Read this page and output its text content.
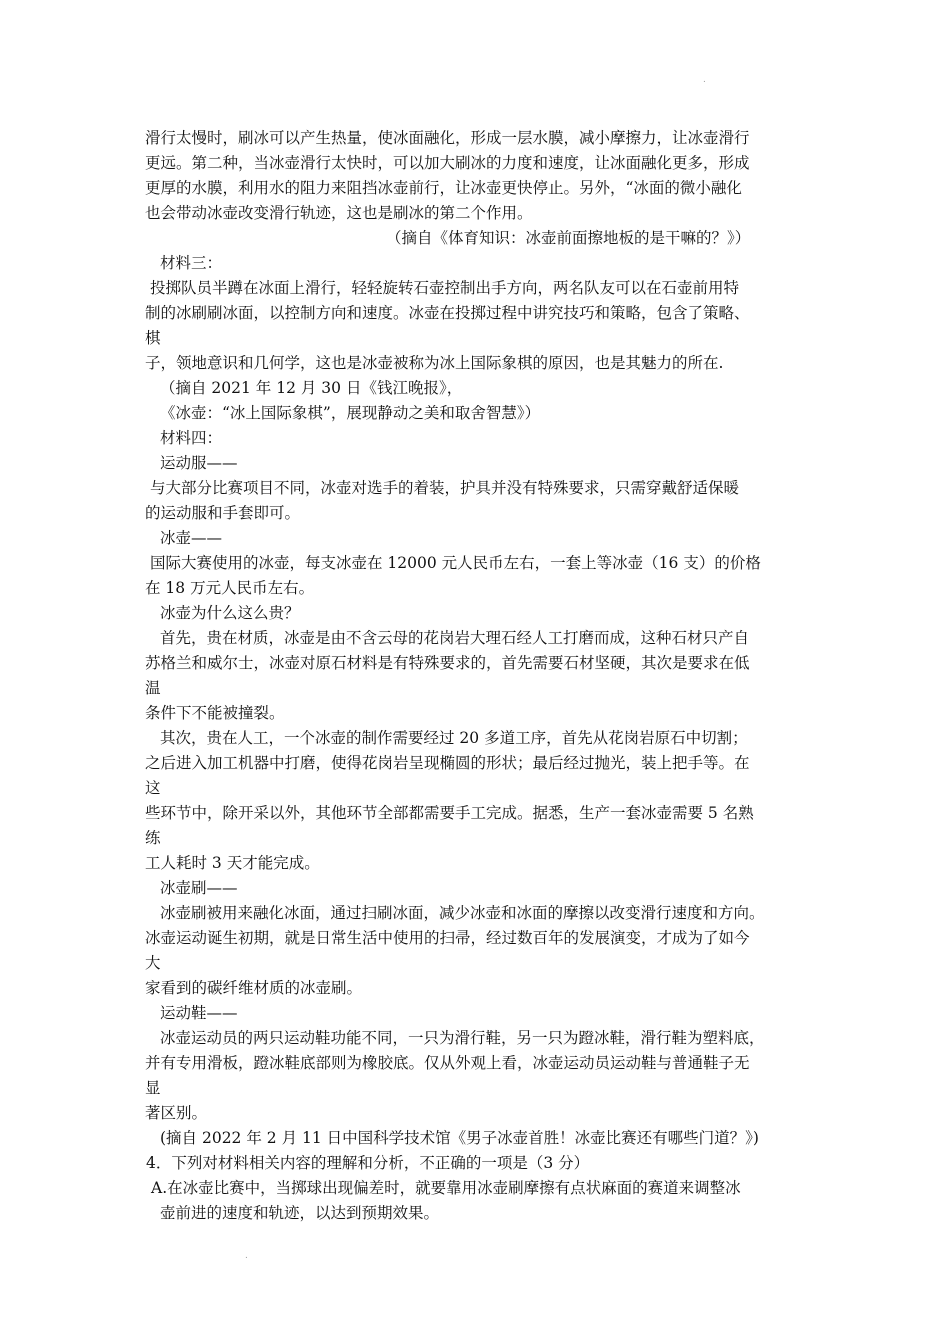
.
滑行太慢时，刷冰可以产生热量，使冰面融化，形成一层水膜，减小摩擦力，让冰壶滑行
更远。第二种，当冰壶滑行太快时，可以加大刷冰的力度和速度，让冰面融化更多，形成
更厚的水膜，利用水的阻力来阻挡冰壶前行，让冰壶更快停止。另外，“冰面的微小融化
也会带动冰壶改变滑行轨迹，这也是刷冰的第二个作用。
（摘自《体育知识：冰壶前面擦地板的是干嘛的？》）
材料三：
投掷队员半蹲在冰面上滑行，轻轻旋转石壶控制出手方向，两名队友可以在石壶前用特
制的冰刷刷冰面，以控制方向和速度。冰壶在投掷过程中讲究技巧和策略，包含了策略、
棋
子，领地意识和几何学，这也是冰壶被称为冰上国际象棋的原因，也是其魅力的所在.
（摘自 2021 年 12 月 30 日《钱江晚报》，
《冰壶：“冰上国际象棋”，展现静动之美和取舍智慧》）
材料四：
运动服——
与大部分比赛项目不同，冰壶对选手的着装，护具并没有特殊要求，只需穿戴舒适保暖
的运动服和手套即可。
冰壶——
国际大赛使用的冰壶，每支冰壶在 12000 元人民币左右，一套上等冰壶（16 支）的价格
在 18 万元人民币左右。
冰壶为什么这么贵？
首先，贵在材质，冰壶是由不含云母的花岗岩大理石经人工打磨而成，这种石材只产自
苏格兰和威尔士，冰壶对原石材料是有特殊要求的，首先需要石材坚硬，其次是要求在低
温
条件下不能被撞裂。
其次，贵在人工，一个冰壶的制作需要经过 20 多道工序，首先从花岗岩原石中切割；
之后进入加工机器中打磨，使得花岗岩呈现椭圆的形状；最后经过抛光，装上把手等。在
这
些环节中，除开采以外，其他环节全部都需要手工完成。据悉，生产一套冰壶需要 5 名熟
练
工人耗时 3 天才能完成。
冰壶刷——
冰壶刷被用来融化冰面，通过扫刷冰面，减少冰壶和冰面的摩擦以改变滑行速度和方向。
冰壶运动诞生初期，就是日常生活中使用的扫帚，经过数百年的发展演变，才成为了如今
大
家看到的碳纤维材质的冰壶刷。
运动鞋——
冰壶运动员的两只运动鞋功能不同，一只为滑行鞋，另一只为蹬冰鞋，滑行鞋为塑料底，
并有专用滑板，蹬冰鞋底部则为橡胶底。仅从外观上看，冰壶运动员运动鞋与普通鞋子无
显
著区别。
(摘自 2022 年 2 月 11 日中国科学技术馆《男子冰壶首胜！冰壶比赛还有哪些门道？》)
4．下列对材料相关内容的理解和分析，不正确的一项是（3 分）
A.在冰壶比赛中，当掷球出现偏差时，就要靠用冰壶刷摩擦有点状麻面的赛道来调整冰
壶前进的速度和轨迹，以达到预期效果。
.
